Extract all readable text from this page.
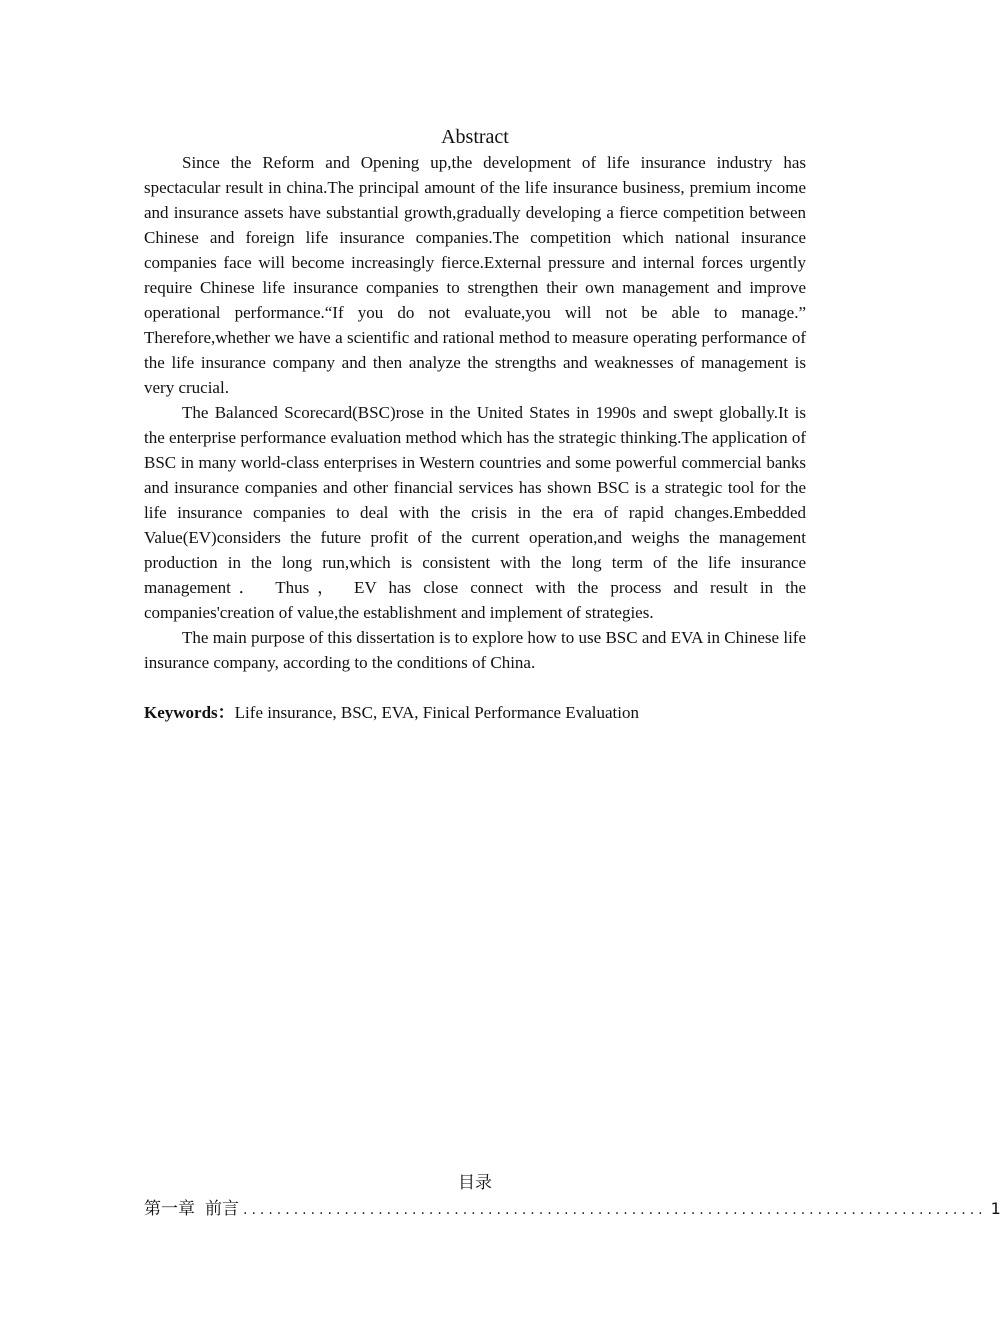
Abstract

Since the Reform and Opening up,the development of life insurance industry has spectacular result in china.The principal amount of the life insurance business, premium income and insurance assets have substantial growth,gradually developing a fierce competition between Chinese and foreign life insurance companies.The competition which national insurance companies face will become increasingly fierce.External pressure and internal forces urgently require Chinese life insurance companies to strengthen their own management and improve operational performance.“If you do not evaluate,you will not be able to manage.” Therefore,whether we have a scientific and rational method to measure operating performance of the life insurance company and then analyze the strengths and weaknesses of management is very crucial.

The Balanced Scorecard(BSC)rose in the United States in 1990s and swept globally.It is the enterprise performance evaluation method which has the strategic thinking.The application of BSC in many world-class enterprises in Western countries and some powerful commercial banks and insurance companies and other financial services has shown BSC is a strategic tool for the life insurance companies to deal with the crisis in the era of rapid changes.Embedded Value(EV)considers the future profit of the current operation,and weighs the management production in the long run,which is consistent with the long term of the life insurance management． Thus， EV has close connect with the process and result in the companies'creation of value,the establishment and implement of strategies.

The main purpose of this dissertation is to explore how to use BSC and EVA in Chinese life insurance company, according to the conditions of China.

Keywords：Life insurance, BSC, EVA, Finical Performance Evaluation
目录
第一章 前言 ........................................................................................ 1
